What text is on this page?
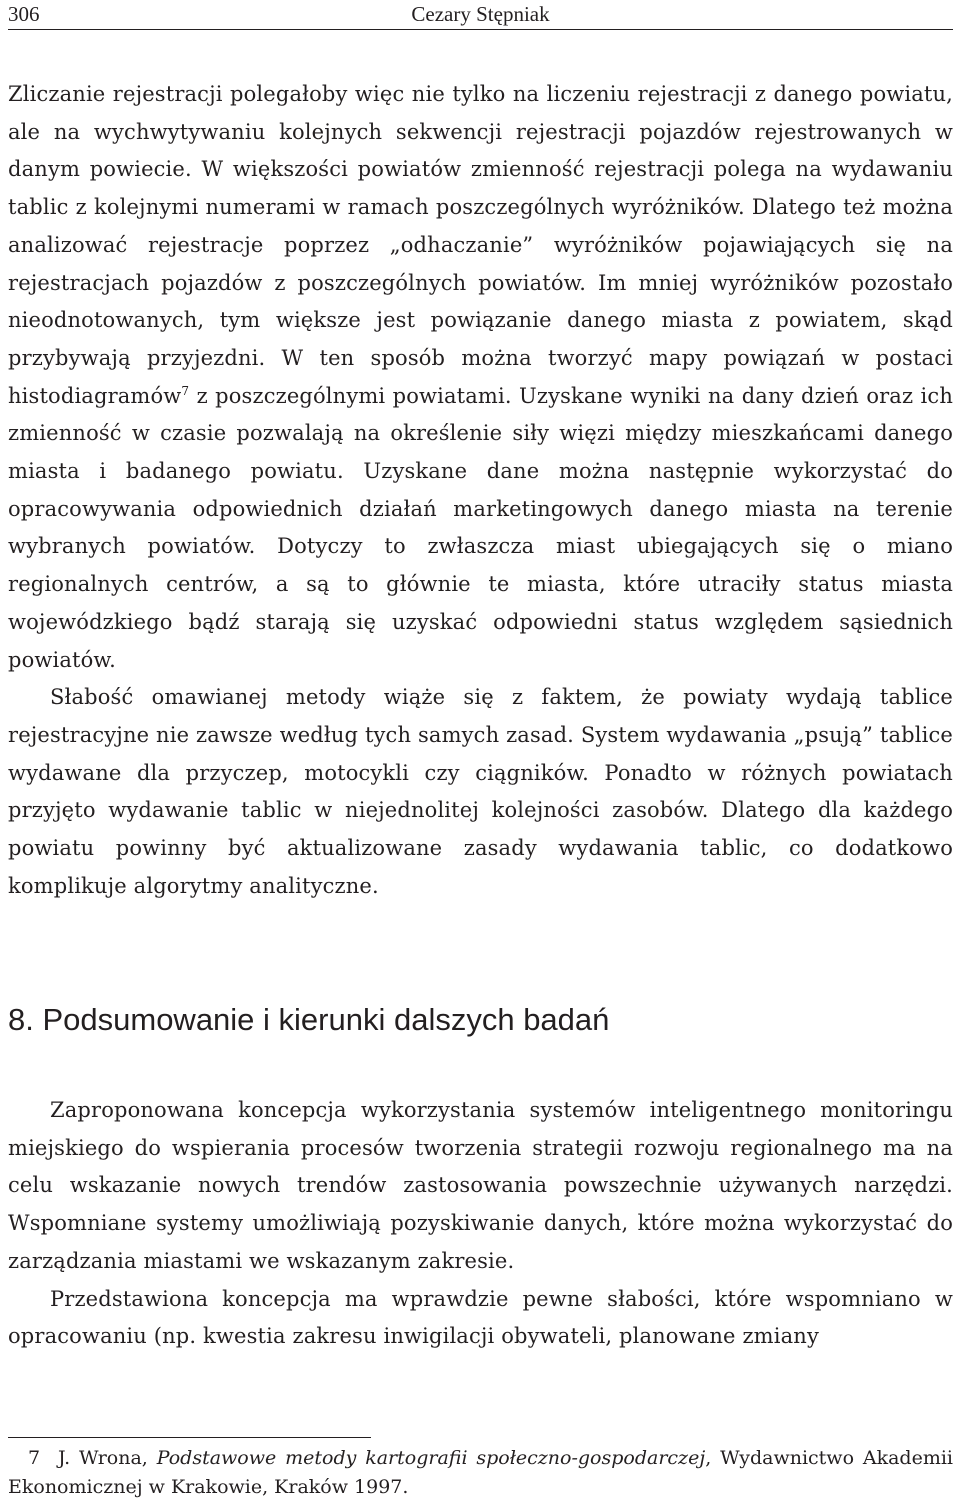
306	Cezary Stępniak

Zliczanie rejestracji polegałoby więc nie tylko na liczeniu rejestracji z danego powiatu, ale na wychwytywaniu kolejnych sekwencji rejestracji pojazdów rejestrowanych w danym powiecie. W większości powiatów zmienność rejestracji polega na wydawaniu tablic z kolejnymi numerami w ramach poszczególnych wyróżników. Dlatego też można analizować rejestracje poprzez „odhaczanie” wyróżników pojawiających się na rejestracjach pojazdów z poszczególnych powiatów. Im mniej wyróżników pozostało nieodnotowanych, tym większe jest powiązanie danego miasta z powiatem, skąd przybywają przyjezdni. W ten sposób można tworzyć mapy powiązań w postaci histodiagramów$^7$ z poszczególnymi powiatami. Uzyskane wyniki na dany dzień oraz ich zmienność w czasie pozwalają na określenie siły więzi między mieszkańcami danego miasta i badanego powiatu. Uzyskane dane można następnie wykorzystać do opracowywania odpowiednich działań marketingowych danego miasta na terenie wybranych powiatów. Dotyczy to zwłaszcza miast ubiegających się o miano regionalnych centrów, a są to głównie te miasta, które utraciły status miasta wojewódzkiego bądź starają się uzyskać odpowiedni status względem sąsiednich powiatów.

Słabość omawianej metody wiąże się z faktem, że powiaty wydają tablice rejestracyjne nie zawsze według tych samych zasad. System wydawania „psują” tablice wydawane dla przyczep, motocykli czy ciągników. Ponadto w różnych powiatach przyjęto wydawanie tablic w niejednolitej kolejności zasobów. Dlatego dla każdego powiatu powinny być aktualizowane zasady wydawania tablic, co dodatkowo komplikuje algorytmy analityczne.

8. Podsumowanie i kierunki dalszych badań

Zaproponowana koncepcja wykorzystania systemów inteligentnego monitoringu miejskiego do wspierania procesów tworzenia strategii rozwoju regionalnego ma na celu wskazanie nowych trendów zastosowania powszechnie używanych narzędzi. Wspomniane systemy umożliwiają pozyskiwanie danych, które można wykorzystać do zarządzania miastami we wskazanym zakresie.

Przedstawiona koncepcja ma wprawdzie pewne słabości, które wspomniano w opracowaniu (np. kwestia zakresu inwigilacji obywateli, planowane zmiany

7 J. Wrona, Podstawowe metody kartografii społeczno-gospodarczej, Wydawnictwo Akademii Ekonomicznej w Krakowie, Kraków 1997.
